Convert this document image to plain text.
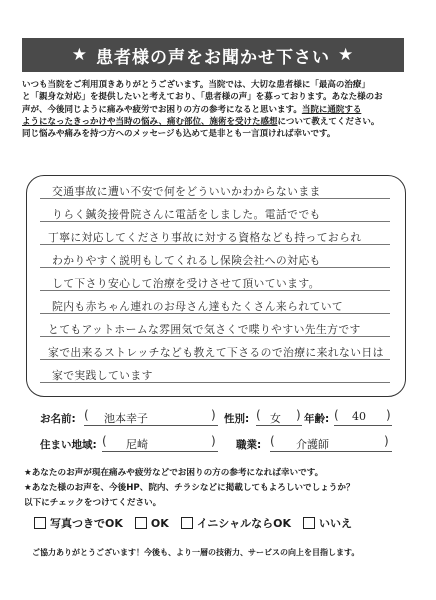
★ 患者様の声をお聞かせ下さい ★
いつも当院をご利用頂きありがとうございます。当院では、大切な患者様に「最高の治療」
と「親身な対応」を提供したいと考えており、「患者様の声」を募っております。あなた様のお
声が、今後同じように痛みや疲労でお困りの方の参考になると思います。当院に通院する
ようになったきっかけや当時の悩み、痛む部位、施術を受けた感想について教えてください。
同じ悩みや痛みを持つ方へのメッセージも込めて是非とも一言頂ければ幸いです。
交通事故に遭い不安で何をどういいかわからないまま
りらく鍼灸接骨院さんに電話をしました。電話ででも
丁寧に対応してくださり事故に対する資格なども持っておられ
わかりやすく説明もしてくれるし保険会社への対応も
して下さり安心して治療を受けさせて頂いています。
院内も赤ちゃん連れのお母さん達もたくさん来られていて
とてもアットホームな雰囲気で気さくで喋りやすい先生方です
家で出来るストレッチなども教えて下さるので治療に来れない日は
家で実践しています
お名前: ( 池本幸子	) 性別: ( 女 ) 年齢: ( 40 )
住まい地域: ( 尼崎	) 職業: ( 介護師	)
★あなたのお声が現在痛みや疲労などでお困りの方の参考になれば幸いです。
★あなた様のお声を、今後HP、院内、チラシなどに掲載してもよろしいでしょうか？
以下にチェックをつけてください。
写真つきでOK	OK	イニシャルならOK	いいえ
ご協力ありがとうございます！今後も、より一層の技術力、サービスの向上を目指します。
